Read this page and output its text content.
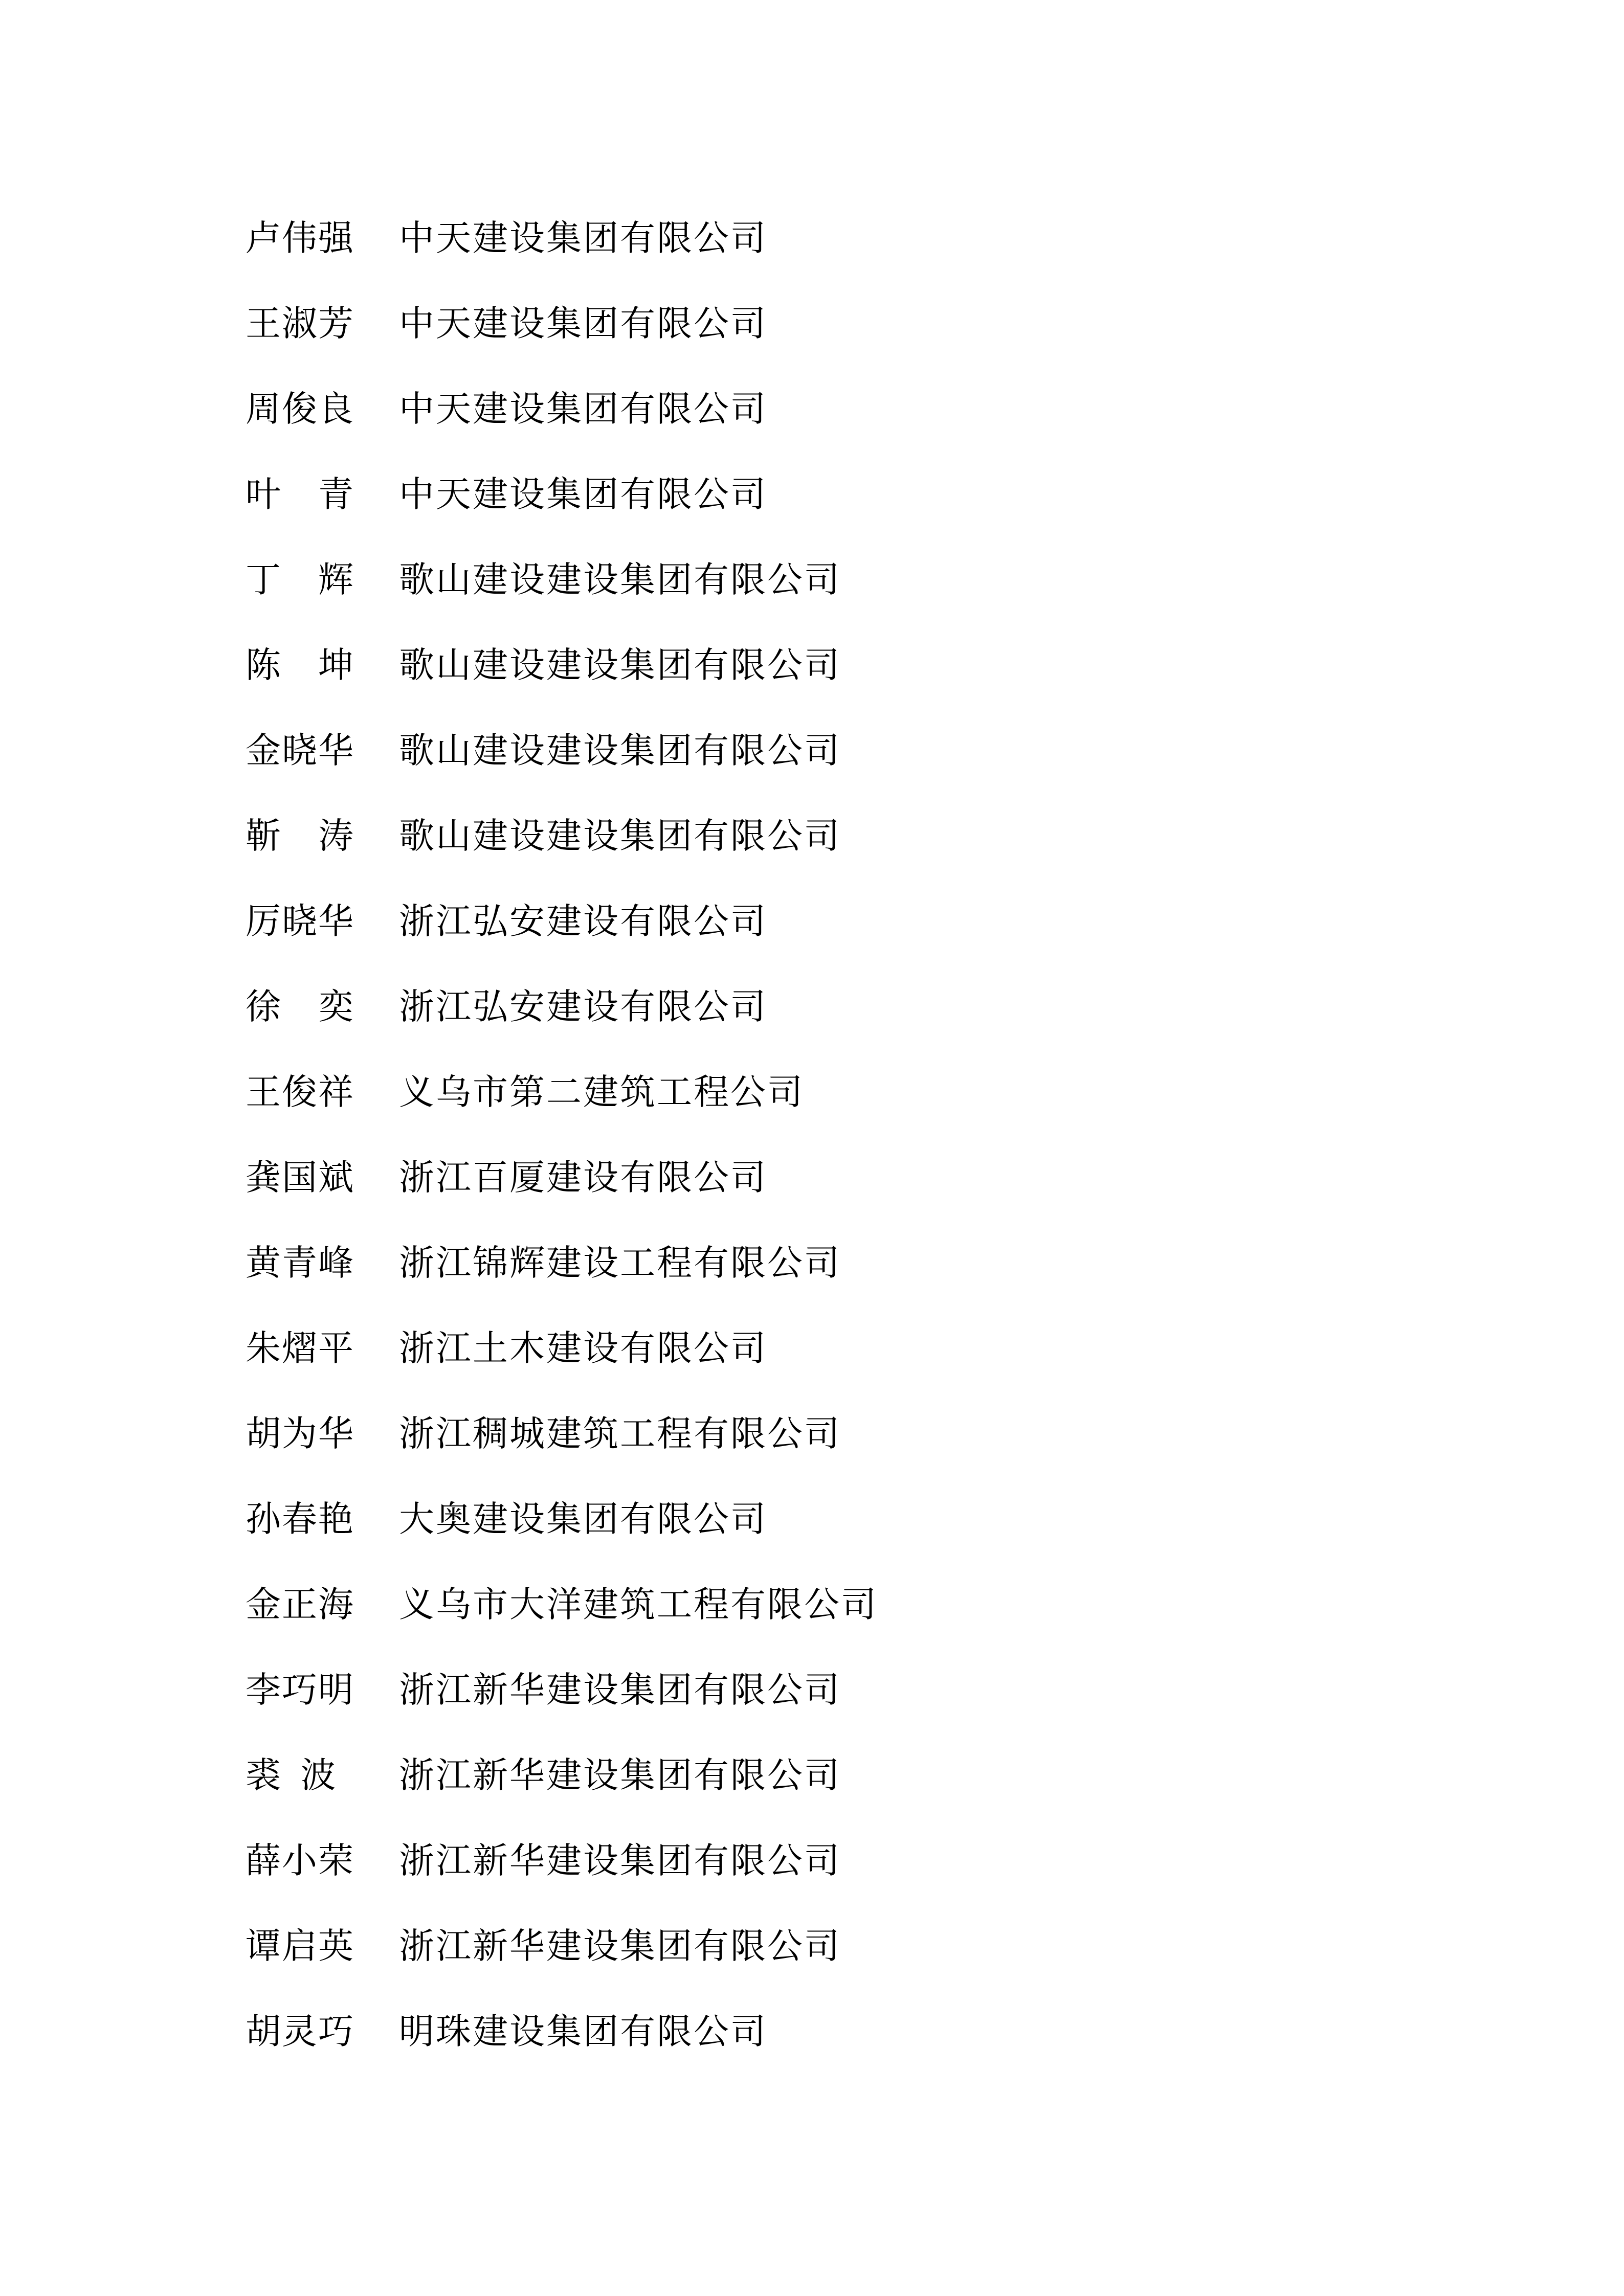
卢伟强 中天建设集团有限公司
王淑芳 中天建设集团有限公司
周俊良 中天建设集团有限公司
叶　青 中天建设集团有限公司
丁　辉 歌山建设建设集团有限公司
陈　坤 歌山建设建设集团有限公司
金晓华 歌山建设建设集团有限公司
靳　涛 歌山建设建设集团有限公司
厉晓华 浙江弘安建设有限公司
徐　奕 浙江弘安建设有限公司
王俊祥 义乌市第二建筑工程公司
龚国斌 浙江百厦建设有限公司
黄青峰 浙江锦辉建设工程有限公司
朱熠平 浙江土木建设有限公司
胡为华 浙江稠城建筑工程有限公司
孙春艳 大奥建设集团有限公司
金正海 义乌市大洋建筑工程有限公司
李巧明 浙江新华建设集团有限公司
裘 波	浙江新华建设集团有限公司
薛小荣 浙江新华建设集团有限公司
谭启英 浙江新华建设集团有限公司
胡灵巧 明珠建设集团有限公司
